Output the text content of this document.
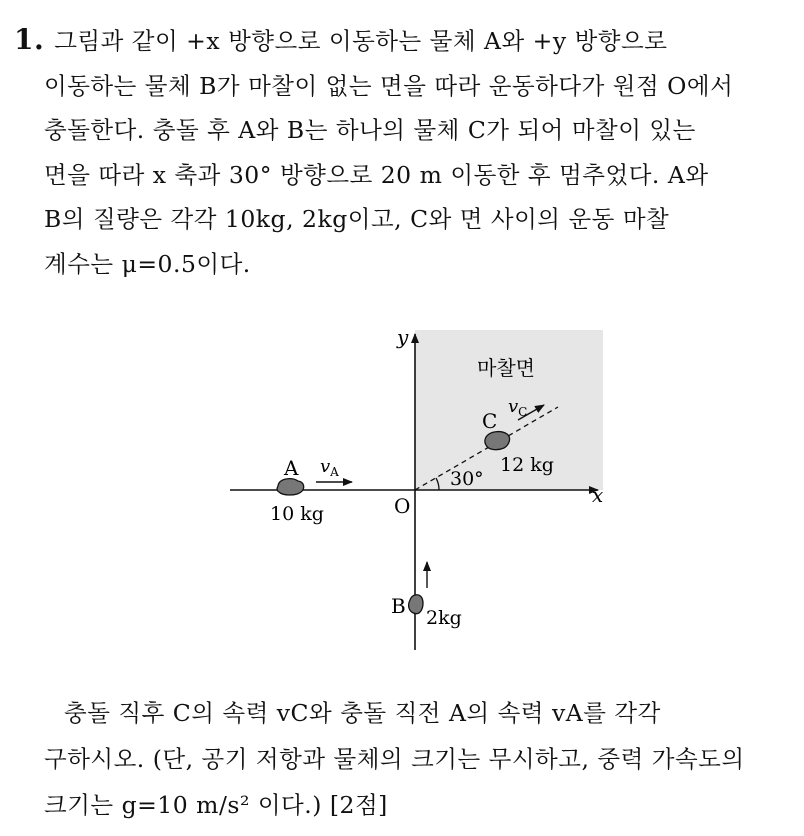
1. 그림과 같이 +x 방향으로 이동하는 물체 A와 +y 방향으로
이동하는 물체 B가 마찰이 없는 면을 따라 운동하다가 원점 O에서
충돌한다. 충돌 후 A와 B는 하나의 물체 C가 되어 마찰이 있는
면을 따라 x 축과 30° 방향으로 20 m 이동한 후 멈추었다. A와
B의 질량은 각각 10kg, 2kg이고, C와 면 사이의 운동 마찰
계수는 μ=0.5이다.
y
x
O
마찰면
30°
A
10 kg
$v_A$
C
12 kg
$v_C$
B 2kg
충돌 직후 C의 속력 vC와 충돌 직전 A의 속력 vA를 각각
구하시오. (단, 공기 저항과 물체의 크기는 무시하고, 중력 가속도의
크기는 g=10 m/s² 이다.) [2점]
